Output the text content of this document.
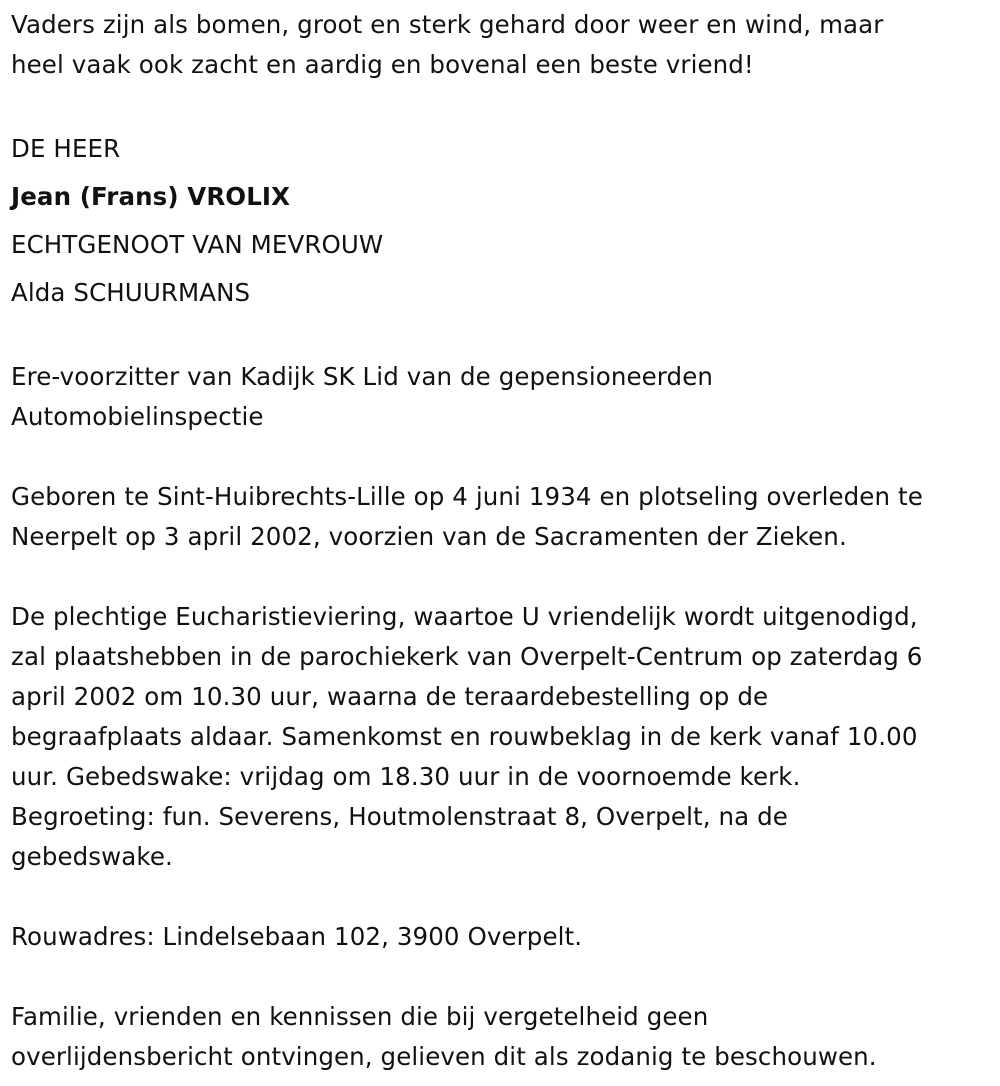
Vaders zijn als bomen, groot en sterk gehard door weer en wind, maar

heel vaak ook zacht en aardig en bovenal een beste vriend!

DE HEER

Jean (Frans) VROLIX

ECHTGENOOT VAN MEVROUW

Alda SCHUURMANS

Ere-voorzitter van Kadijk SK Lid van de gepensioneerden

Automobielinspectie

Geboren te Sint-Huibrechts-Lille op 4 juni 1934 en plotseling overleden te

Neerpelt op 3 april 2002, voorzien van de Sacramenten der Zieken.

De plechtige Eucharistieviering, waartoe U vriendelijk wordt uitgenodigd,

zal plaatshebben in de parochiekerk van Overpelt-Centrum op zaterdag 6

april 2002 om 10.30 uur, waarna de teraardebestelling op de

begraafplaats aldaar. Samenkomst en rouwbeklag in de kerk vanaf 10.00

uur. Gebedswake: vrijdag om 18.30 uur in de voornoemde kerk.

Begroeting: fun. Severens, Houtmolenstraat 8, Overpelt, na de

gebedswake.

Rouwadres: Lindelsebaan 102, 3900 Overpelt.

Familie, vrienden en kennissen die bij vergetelheid geen

overlijdensbericht ontvingen, gelieven dit als zodanig te beschouwen.
